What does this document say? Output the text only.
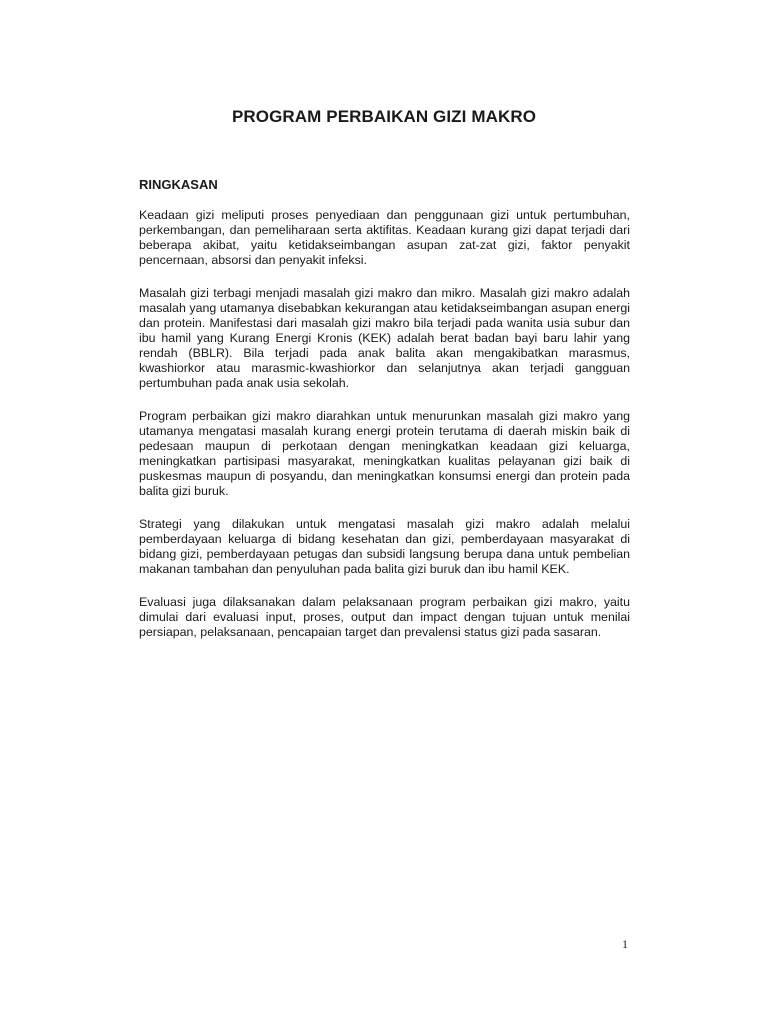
PROGRAM PERBAIKAN GIZI MAKRO
RINGKASAN

Keadaan gizi meliputi proses penyediaan dan penggunaan gizi untuk pertumbuhan, perkembangan, dan pemeliharaan serta aktifitas. Keadaan kurang gizi dapat terjadi dari beberapa akibat, yaitu ketidakseimbangan asupan zat-zat gizi, faktor penyakit pencernaan, absorsi dan penyakit infeksi.

Masalah gizi terbagi menjadi masalah gizi makro dan mikro. Masalah gizi makro adalah masalah yang utamanya disebabkan kekurangan atau ketidakseimbangan asupan energi dan protein. Manifestasi dari masalah gizi makro bila terjadi pada wanita usia subur dan ibu hamil yang Kurang Energi Kronis (KEK) adalah berat badan bayi baru lahir yang rendah (BBLR). Bila terjadi pada anak balita akan mengakibatkan marasmus, kwashiorkor atau marasmic-kwashiorkor dan selanjutnya akan terjadi gangguan pertumbuhan pada anak usia sekolah.

Program perbaikan gizi makro diarahkan untuk menurunkan masalah gizi makro yang utamanya mengatasi masalah kurang energi protein terutama di daerah miskin baik di pedesaan maupun di perkotaan dengan meningkatkan keadaan gizi keluarga, meningkatkan partisipasi masyarakat, meningkatkan kualitas pelayanan gizi baik di puskesmas maupun di posyandu, dan meningkatkan konsumsi energi dan protein pada balita gizi buruk.

Strategi yang dilakukan untuk mengatasi masalah gizi makro adalah melalui pemberdayaan keluarga di bidang kesehatan dan gizi, pemberdayaan masyarakat di bidang gizi, pemberdayaan petugas dan subsidi langsung berupa dana untuk pembelian makanan tambahan dan penyuluhan pada balita gizi buruk dan ibu hamil KEK.

Evaluasi juga dilaksanakan dalam pelaksanaan program perbaikan gizi makro, yaitu dimulai dari evaluasi input, proses, output dan impact dengan tujuan untuk menilai persiapan, pelaksanaan, pencapaian target dan prevalensi status gizi pada sasaran.

1
